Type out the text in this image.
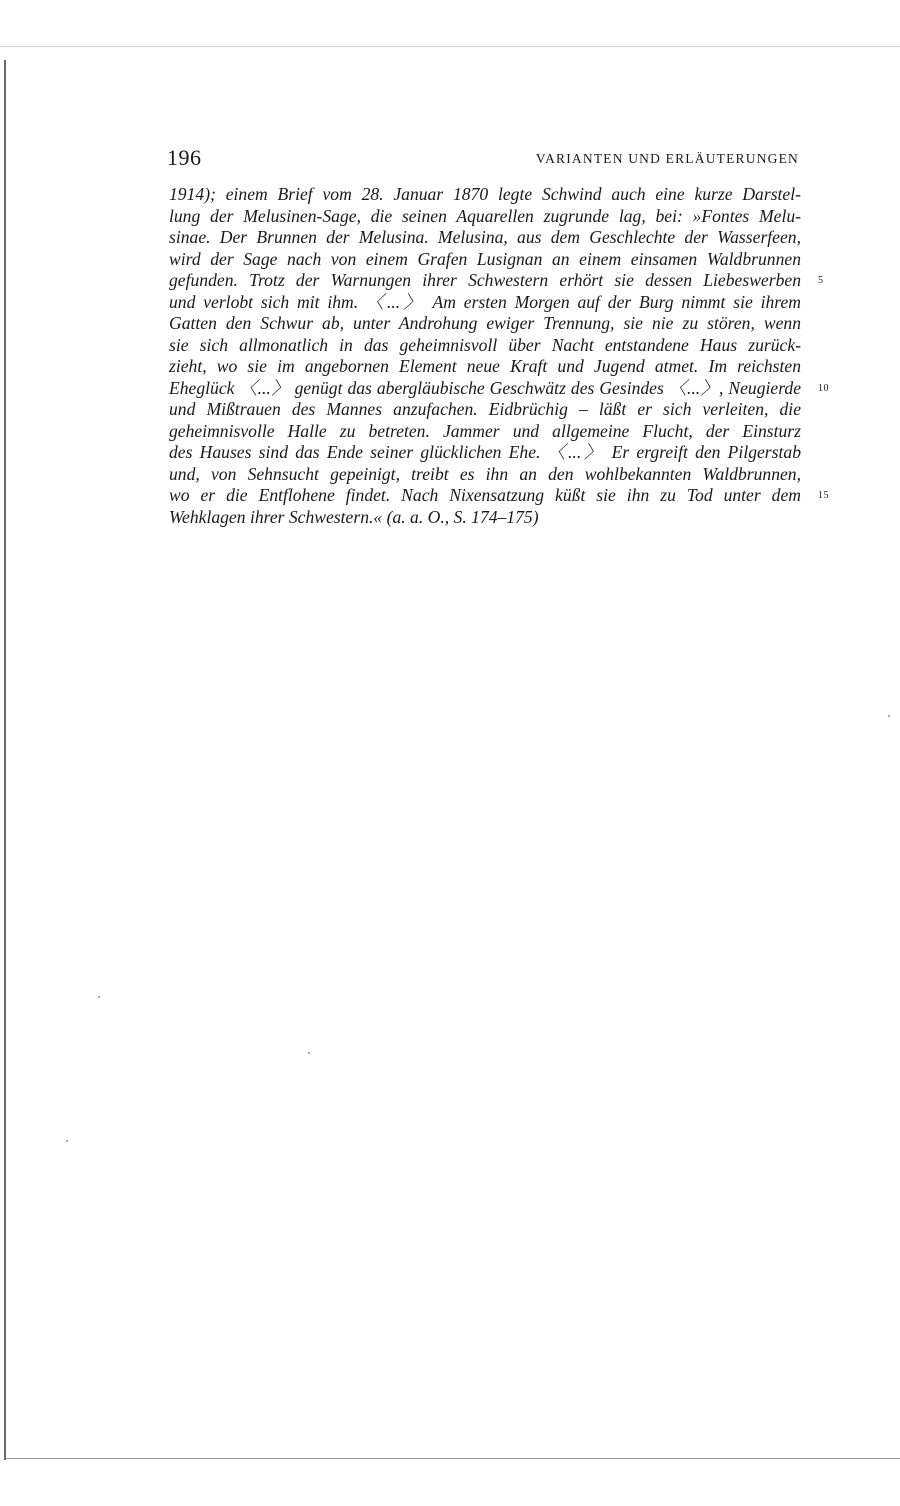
196	VARIANTEN UND ERLÄUTERUNGEN
1914); einem Brief vom 28. Januar 1870 legte Schwind auch eine kurze Darstel-
lung der Melusinen-Sage, die seinen Aquarellen zugrunde lag, bei: »Fontes Melu-
sinae. Der Brunnen der Melusina. Melusina, aus dem Geschlechte der Wasserfeen,
wird der Sage nach von einem Grafen Lusignan an einem einsamen Waldbrunnen
gefunden. Trotz der Warnungen ihrer Schwestern erhört sie dessen Liebeswerben
und verlobt sich mit ihm. 〈...〉 Am ersten Morgen auf der Burg nimmt sie ihrem
Gatten den Schwur ab, unter Androhung ewiger Trennung, sie nie zu stören, wenn
sie sich allmonatlich in das geheimnisvoll über Nacht entstandene Haus zurück-
zieht, wo sie im angebornen Element neue Kraft und Jugend atmet. Im reichsten
Eheglück 〈...〉 genügt das abergläubische Geschwätz des Gesindes 〈...〉, Neugierde
und Mißtrauen des Mannes anzufachen. Eidbrüchig – läßt er sich verleiten, die
geheimnisvolle Halle zu betreten. Jammer und allgemeine Flucht, der Einsturz
des Hauses sind das Ende seiner glücklichen Ehe. 〈...〉 Er ergreift den Pilgerstab
und, von Sehnsucht gepeinigt, treibt es ihn an den wohlbekannten Waldbrunnen,
wo er die Entflohene findet. Nach Nixensatzung küßt sie ihn zu Tod unter dem
Wehklagen ihrer Schwestern.« (a. a. O., S. 174–175)
5
10
15
